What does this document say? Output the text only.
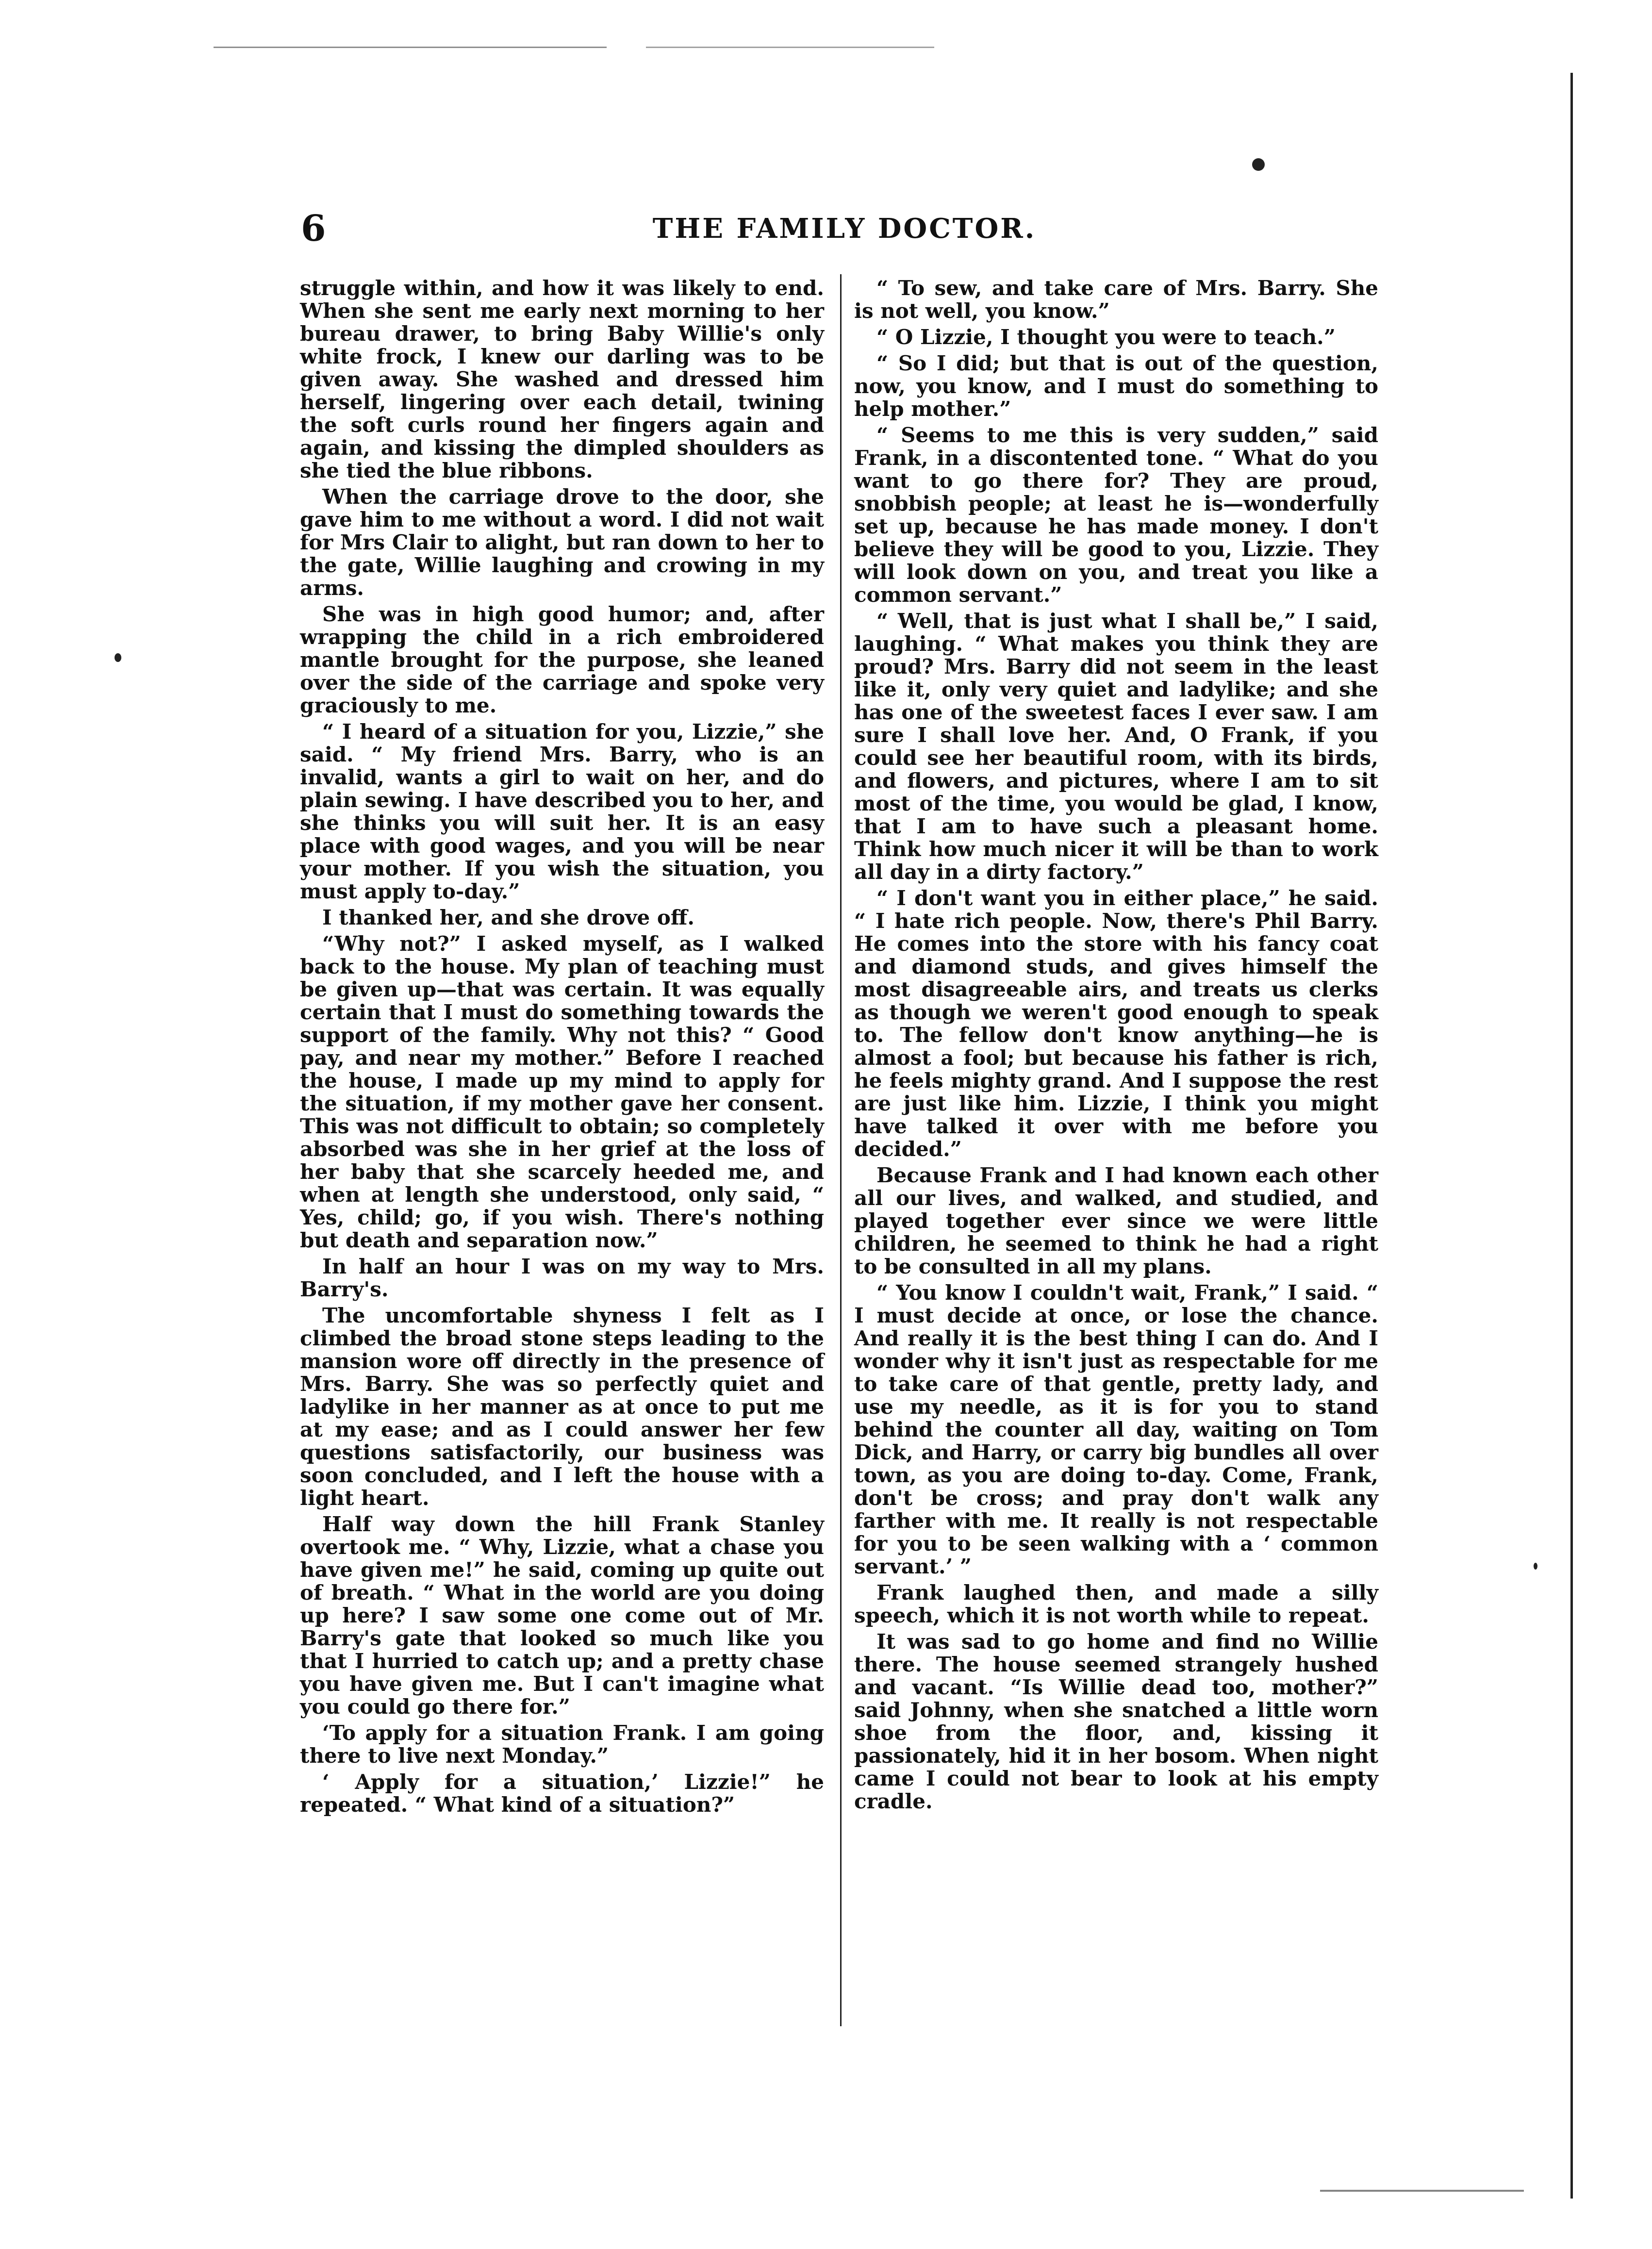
6	THE FAMILY DOCTOR.

struggle within, and how it was likely to end. When she sent me early next morning to her bureau drawer, to bring Baby Willie's only white frock, I knew our darling was to be given away. She washed and dressed him herself, lingering over each detail, twining the soft curls round her fingers again and again, and kissing the dimpled shoulders as she tied the blue ribbons.

When the carriage drove to the door, she gave him to me without a word. I did not wait for Mrs Clair to alight, but ran down to her to the gate, Willie laughing and crowing in my arms.

She was in high good humor; and, after wrapping the child in a rich embroidered mantle brought for the purpose, she leaned over the side of the carriage and spoke very graciously to me.

“ I heard of a situation for you, Lizzie,” she said. “ My friend Mrs. Barry, who is an invalid, wants a girl to wait on her, and do plain sewing. I have described you to her, and she thinks you will suit her. It is an easy place with good wages, and you will be near your mother. If you wish the situation, you must apply to-day.”

I thanked her, and she drove off.

“Why not?” I asked myself, as I walked back to the house. My plan of teaching must be given up—that was certain. It was equally certain that I must do something towards the support of the family. Why not this? “ Good pay, and near my mother.” Before I reached the house, I made up my mind to apply for the situation, if my mother gave her consent. This was not difficult to obtain; so completely absorbed was she in her grief at the loss of her baby that she scarcely heeded me, and when at length she understood, only said, “ Yes, child; go, if you wish. There's nothing but death and separation now.”

In half an hour I was on my way to Mrs. Barry's.

The uncomfortable shyness I felt as I climbed the broad stone steps leading to the mansion wore off directly in the presence of Mrs. Barry. She was so perfectly quiet and ladylike in her manner as at once to put me at my ease; and as I could answer her few questions satisfactorily, our business was soon concluded, and I left the house with a light heart.

Half way down the hill Frank Stanley overtook me. “ Why, Lizzie, what a chase you have given me!” he said, coming up quite out of breath. “ What in the world are you doing up here? I saw some one come out of Mr. Barry's gate that looked so much like you that I hurried to catch up; and a pretty chase you have given me. But I can't imagine what you could go there for.”

‘To apply for a situation Frank. I am going there to live next Monday.”

‘ Apply for a situation,’ Lizzie!” he repeated. “ What kind of a situation?”

“ To sew, and take care of Mrs. Barry. She is not well, you know.”

“ O Lizzie, I thought you were to teach.”

“ So I did; but that is out of the question, now, you know, and I must do something to help mother.”

“ Seems to me this is very sudden,” said Frank, in a discontented tone. “ What do you want to go there for? They are proud, snobbish people; at least he is—wonderfully set up, because he has made money. I don't believe they will be good to you, Lizzie. They will look down on you, and treat you like a common servant.”

“ Well, that is just what I shall be,” I said, laughing. “ What makes you think they are proud? Mrs. Barry did not seem in the least like it, only very quiet and ladylike; and she has one of the sweetest faces I ever saw. I am sure I shall love her. And, O Frank, if you could see her beautiful room, with its birds, and flowers, and pictures, where I am to sit most of the time, you would be glad, I know, that I am to have such a pleasant home. Think how much nicer it will be than to work all day in a dirty factory.”

“ I don't want you in either place,” he said. “ I hate rich people. Now, there's Phil Barry. He comes into the store with his fancy coat and diamond studs, and gives himself the most disagreeable airs, and treats us clerks as though we weren't good enough to speak to. The fellow don't know anything—he is almost a fool; but because his father is rich, he feels mighty grand. And I suppose the rest are just like him. Lizzie, I think you might have talked it over with me before you decided.”

Because Frank and I had known each other all our lives, and walked, and studied, and played together ever since we were little children, he seemed to think he had a right to be consulted in all my plans.

“ You know I couldn't wait, Frank,” I said. “ I must decide at once, or lose the chance. And really it is the best thing I can do. And I wonder why it isn't just as respectable for me to take care of that gentle, pretty lady, and use my needle, as it is for you to stand behind the counter all day, waiting on Tom Dick, and Harry, or carry big bundles all over town, as you are doing to-day. Come, Frank, don't be cross; and pray don't walk any farther with me. It really is not respectable for you to be seen walking with a ‘ common servant.’ ”

Frank laughed then, and made a silly speech, which it is not worth while to repeat.

It was sad to go home and find no Willie there. The house seemed strangely hushed and vacant. “Is Willie dead too, mother?” said Johnny, when she snatched a little worn shoe from the floor, and, kissing it passionately, hid it in her bosom. When night came I could not bear to look at his empty cradle.
